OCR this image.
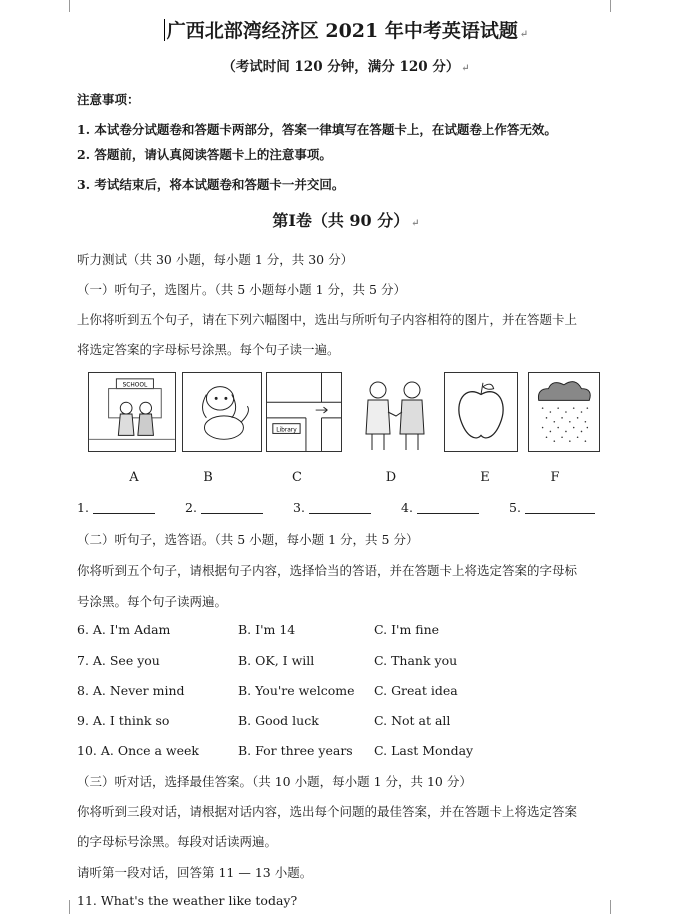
广西北部湾经济区 2021 年中考英语试题 ↵
（考试时间 120 分钟，满分 120 分） ↵
注意事项：
1. 本试卷分试题卷和答题卡两部分，答案一律填写在答题卡上，在试题卷上作答无效。
2. 答题前，请认真阅读答题卡上的注意事项。
3. 考试结束后，将本试题卷和答题卡一并交回。
第I卷（共 90 分） ↵
听力测试（共 30 小题，每小题 1 分，共 30 分）
（一）听句子，选图片。（共 5 小题每小题 1 分，共 5 分）
上你将听到五个句子，请在下列六幅图中，选出与所听句子内容相符的图片，并在答题卡上
将选定答案的字母标号涂黑。每个句子读一遍。
SCHOOL
Library
A	B	C	D	E	F
1.	2.	3.	4.	5.
（二）听句子，选答语。（共 5 小题，每小题 1 分，共 5 分）
你将听到五个句子，请根据句子内容，选择恰当的答语，并在答题卡上将选定答案的字母标
号涂黑。每个句子读两遍。
6. A. I'm Adam	B. I'm 14	C. I'm fine
7. A. See you	B. OK, I will	C. Thank you
8. A. Never mind	B. You're welcome C. Great idea
9. A. I think so	B. Good luck	C. Not at all
10. A. Once a week	B. For three years C. Last Monday
（三）听对话，选择最佳答案。（共 10 小题，每小题 1 分，共 10 分）
你将听到三段对话，请根据对话内容，选出每个问题的最佳答案，并在答题卡上将选定答案
的字母标号涂黑。每段对话读两遍。
请听第一段对话，回答第 11 — 13 小题。
11. What's the weather like today?
